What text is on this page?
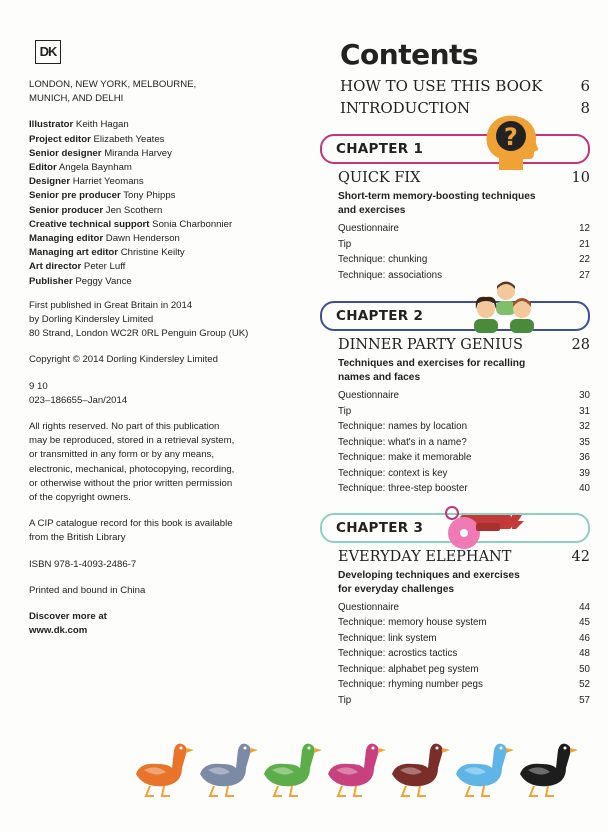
DK

LONDON, NEW YORK, MELBOURNE, MUNICH, AND DELHI

Illustrator Keith Hagan

Project editor Elizabeth Yeates

Senior designer Miranda Harvey

Editor Angela Baynham

Designer Harriet Yeomans

Senior pre producer Tony Phipps

Senior producer Jen Scothern

Creative technical support Sonia Charbonnier

Managing editor Dawn Henderson

Managing art editor Christine Keilty

Art director Peter Luff

Publisher Peggy Vance

First published in Great Britain in 2014

by Dorling Kindersley Limited

80 Strand, London WC2R 0RL Penguin Group (UK)

Copyright © 2014 Dorling Kindersley Limited

9 10

023–186655–Jan/2014

All rights reserved. No part of this publication

may be reproduced, stored in a retrieval system,

or transmitted in any form or by any means,

electronic, mechanical, photocopying, recording,

or otherwise without the prior written permission

of the copyright owners.

A CIP catalogue record for this book is available

from the British Library

ISBN 978-1-4093-2486-7

Printed and bound in China

Discover more at

www.dk.com

Contents
HOW TO USE THIS BOOK	6
INTRODUCTION	8
CHAPTER 1	?
QUICK FIX	10
Short-term memory-boosting techniques
and exercises
Questionnaire	12
Tip	21
Technique: chunking	22
Technique: associations	27
CHAPTER 2
DINNER PARTY GENIUS	28
Techniques and exercises for recalling
names and faces
Questionnaire	30
Tip	31
Technique: names by location	32
Technique: what's in a name?	35
Technique: make it memorable	36
Technique: context is key	39
Technique: three-step booster	40
CHAPTER 3
EVERYDAY ELEPHANT	42
Developing techniques and exercises
for everyday challenges
Questionnaire	44
Technique: memory house system	45
Technique: link system	46
Technique: acrostics tactics	48
Technique: alphabet peg system	50
Technique: rhyming number pegs	52
Tip	57
